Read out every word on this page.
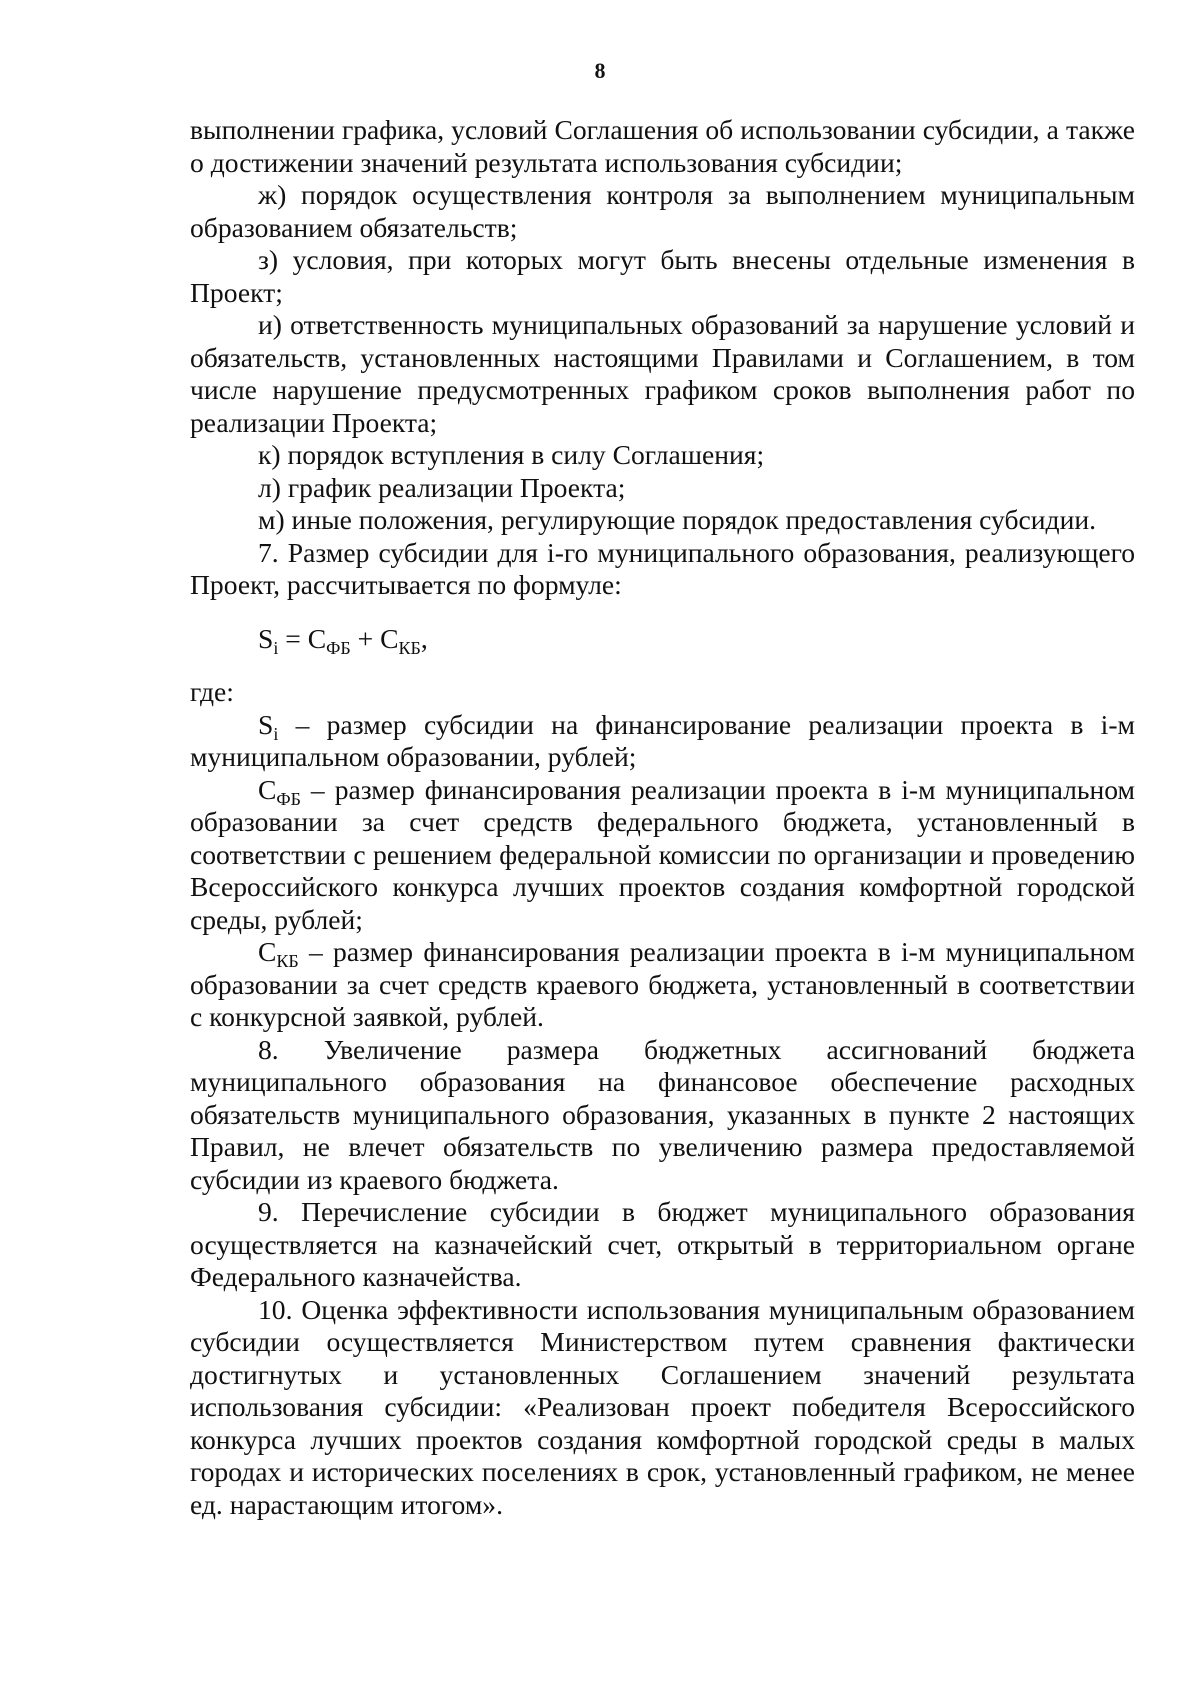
8

выполнении графика, условий Соглашения об использовании субсидии, а также о достижении значений результата использования субсидии;

ж) порядок осуществления контроля за выполнением муниципальным образованием обязательств;

з) условия, при которых могут быть внесены отдельные изменения в Проект;

и) ответственность муниципальных образований за нарушение условий и обязательств, установленных настоящими Правилами и Соглашением, в том числе нарушение предусмотренных графиком сроков выполнения работ по реализации Проекта;

к) порядок вступления в силу Соглашения;

л) график реализации Проекта;

м) иные положения, регулирующие порядок предоставления субсидии.

7. Размер субсидии для i-го муниципального образования, реализующего Проект, рассчитывается по формуле:

$S_i = C_{ФБ} + C_{КБ}$,

где:

$S_i$ – размер субсидии на финансирование реализации проекта в i-м муниципальном образовании, рублей;

$C_{ФБ}$ – размер финансирования реализации проекта в i-м муниципальном образовании за счет средств федерального бюджета, установленный в соответствии с решением федеральной комиссии по организации и проведению Всероссийского конкурса лучших проектов создания комфортной городской среды, рублей;

$C_{КБ}$ – размер финансирования реализации проекта в i-м муниципальном образовании за счет средств краевого бюджета, установленный в соответствии с конкурсной заявкой, рублей.

8. Увеличение размера бюджетных ассигнований бюджета муниципального образования на финансовое обеспечение расходных обязательств муниципального образования, указанных в пункте 2 настоящих Правил, не влечет обязательств по увеличению размера предоставляемой субсидии из краевого бюджета.

9. Перечисление субсидии в бюджет муниципального образования осуществляется на казначейский счет, открытый в территориальном органе Федерального казначейства.

10. Оценка эффективности использования муниципальным образованием субсидии осуществляется Министерством путем сравнения фактически достигнутых и установленных Соглашением значений результата использования субсидии: «Реализован проект победителя Всероссийского конкурса лучших проектов создания комфортной городской среды в малых городах и исторических поселениях в срок, установленный графиком, не менее ед. нарастающим итогом».
